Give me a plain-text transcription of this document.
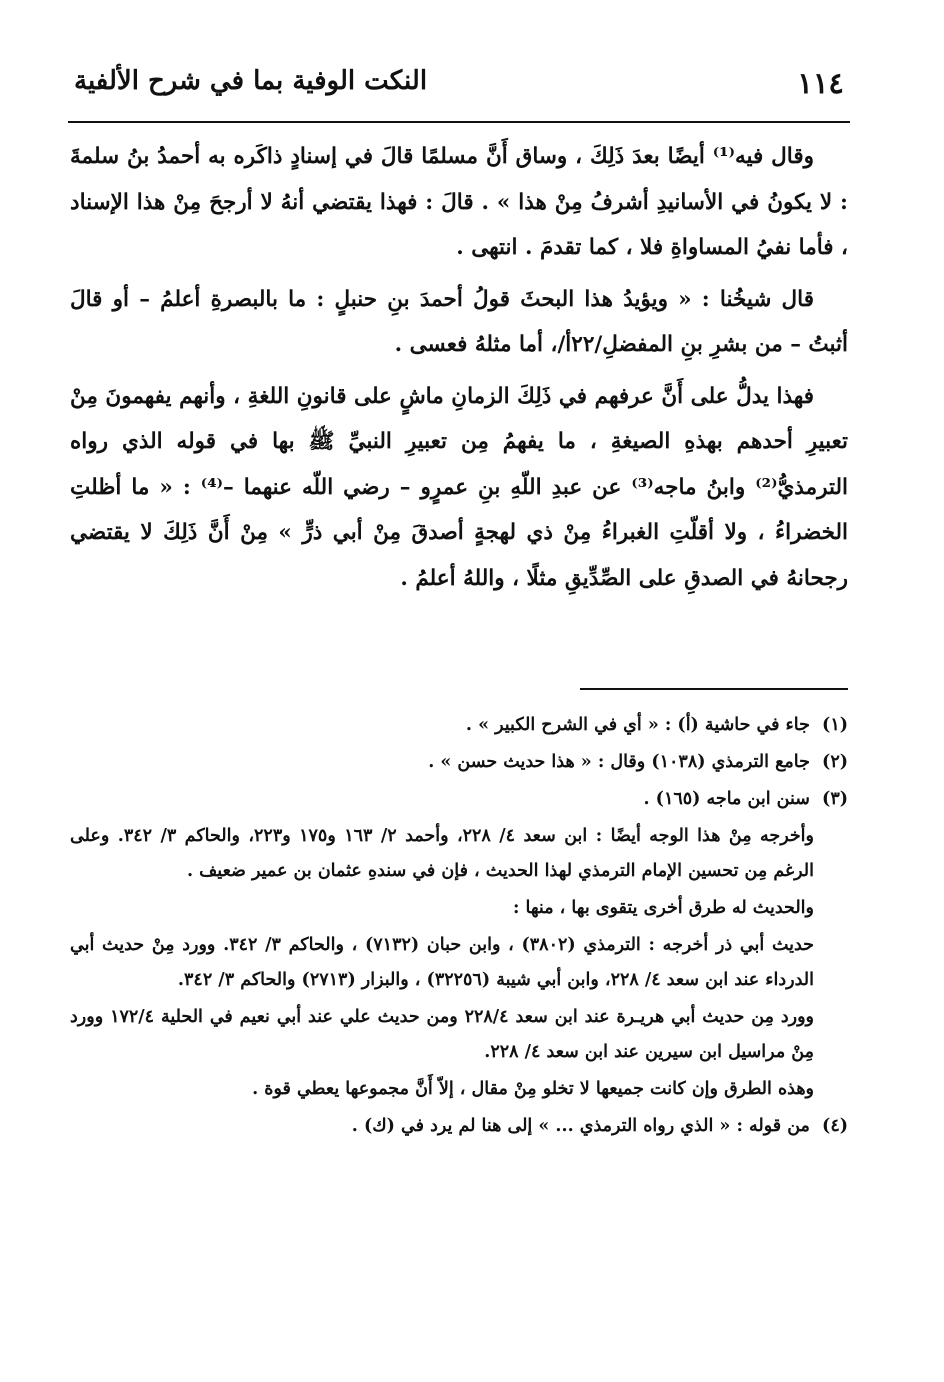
١١٤
النكت الوفية بما في شرح الألفية

وقال فيه⁽¹⁾ أيضًا بعدَ ذَلِكَ ، وساق أَنَّ مسلمًا قالَ في إسنادٍ ذاكَره به أحمدُ بنُ سلمةَ : لا يكونُ في الأسانيدِ أشرفُ مِنْ هذا » . قالَ : فهذا يقتضي أنهُ لا أرجحَ مِنْ هذا الإسناد ، فأما نفيُ المساواةِ فلا ، كما تقدمَ . انتهى .

قال شيخُنا : « ويؤيدُ هذا البحثَ قولُ أحمدَ بنِ حنبلٍ : ما بالبصرةِ أعلمُ – أو قالَ أثبتُ – من بشرِ بنِ المفضلِ/٢٢أ/، أما مثلهُ فعسى .

فهذا يدلُّ على أَنَّ عرفهم في ذَلِكَ الزمانِ ماشٍ على قانونِ اللغةِ ، وأنهم يفهمونَ مِنْ تعبيرِ أحدهم بهذهِ الصيغةِ ، ما يفهمُ مِن تعبيرِ النبيِّ ﷺ بها في قوله الذي رواه الترمذيُّ⁽²⁾ وابنُ ماجه⁽³⁾ عن عبدِ اللّهِ بنِ عمرٍو – رضي اللّه عنهما –⁽⁴⁾ : « ما أظلتِ الخضراءُ ، ولا أقلّتِ الغبراءُ مِنْ ذي لهجةٍ أصدقَ مِنْ أبي ذرٍّ » مِنْ أَنَّ ذَلِكَ لا يقتضي رجحانهُ في الصدقِ على الصِّدِّيقِ مثلًا ، واللهُ أعلمُ .

(١) جاء في حاشية (أ) : « أي في الشرح الكبير » .
(٢) جامع الترمذي (١٠٣٨) وقال : « هذا حديث حسن » .
(٣) سنن ابن ماجه (١٦٥) .
وأخرجه مِنْ هذا الوجه أيضًا : ابن سعد ٤/ ٢٢٨، وأحمد ٢/ ١٦٣ و١٧٥ و٢٢٣، والحاكم ٣/ ٣٤٢. وعلى الرغم مِن تحسين الإمام الترمذي لهذا الحديث ، فإن في سندهِ عثمان بن عمير ضعيف .
والحديث له طرق أخرى يتقوى بها ، منها :
حديث أبي ذر أخرجه : الترمذي (٣٨٠٢) ، وابن حبان (٧١٣٢) ، والحاكم ٣/ ٣٤٢. وورد مِنْ حديث أبي الدرداء عند ابن سعد ٤/ ٢٢٨، وابن أبي شيبة (٣٢٢٥٦) ، والبزار (٢٧١٣) والحاكم ٣/ ٣٤٢.
وورد مِن حديث أبي هريـرة عند ابن سعد ٢٢٨/٤ ومن حديث علي عند أبي نعيم في الحلية ١٧٢/٤ وورد مِنْ مراسيل ابن سيرين عند ابن سعد ٤/ ٢٢٨.
وهذه الطرق وإن كانت جميعها لا تخلو مِنْ مقال ، إلاّ أَنَّ مجموعها يعطي قوة .
(٤) من قوله : « الذي رواه الترمذي ... » إلى هنا لم يرد في (ك) .
